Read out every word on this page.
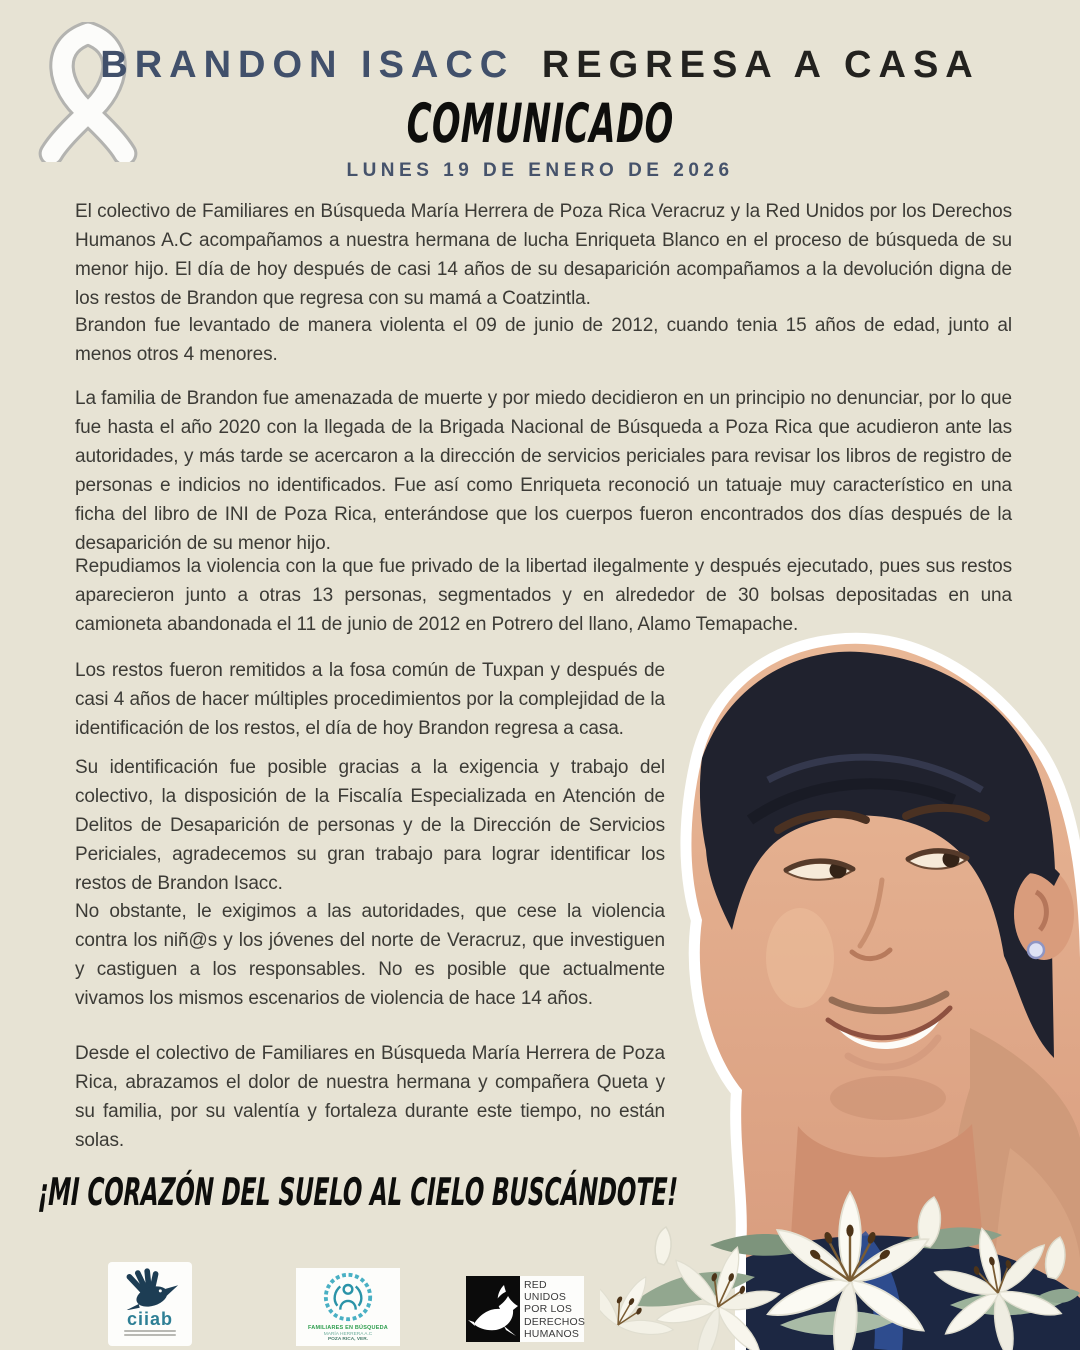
BRANDON ISACC REGRESA A CASA
COMUNICADO
LUNES 19 DE ENERO DE 2026

El colectivo de Familiares en Búsqueda María Herrera de Poza Rica Veracruz y la Red Unidos por los Derechos Humanos A.C acompañamos a nuestra hermana de lucha Enriqueta Blanco en el proceso de búsqueda de su menor hijo. El día de hoy después de casi 14 años de su desaparición acompañamos a la devolución digna de los restos de Brandon que regresa con su mamá a Coatzintla.

Brandon fue levantado de manera violenta el 09 de junio de 2012, cuando tenia 15 años de edad, junto al menos otros 4 menores.

La familia de Brandon fue amenazada de muerte y por miedo decidieron en un principio no denunciar, por lo que fue hasta el año 2020 con la llegada de la Brigada Nacional de Búsqueda a Poza Rica que acudieron ante las autoridades, y más tarde se acercaron a la dirección de servicios periciales para revisar los libros de registro de personas e indicios no identificados. Fue así como Enriqueta reconoció un tatuaje muy característico en una ficha del libro de INI de Poza Rica, enterándose que los cuerpos fueron encontrados dos días después de la desaparición de su menor hijo.

Repudiamos la violencia con la que fue privado de la libertad ilegalmente y después ejecutado, pues sus restos aparecieron junto a otras 13 personas, segmentados y en alrededor de 30 bolsas depositadas en una camioneta abandonada el 11 de junio de 2012 en Potrero del llano, Alamo Temapache.

Los restos fueron remitidos a la fosa común de Tuxpan y después de casi 4 años de hacer múltiples procedimientos por la complejidad de la identificación de los restos, el día de hoy Brandon regresa a casa.

Su identificación fue posible gracias a la exigencia y trabajo del colectivo, la disposición de la Fiscalía Especializada en Atención de Delitos de Desaparición de personas y de la Dirección de Servicios Periciales, agradecemos su gran trabajo para lograr identificar los restos de Brandon Isacc.

No obstante, le exigimos a las autoridades, que cese la violencia contra los niñ@s y los jóvenes del norte de Veracruz, que investiguen y castiguen a los responsables. No es posible que actualmente vivamos los mismos escenarios de violencia de hace 14 años.

Desde el colectivo de Familiares en Búsqueda María Herrera de Poza Rica, abrazamos el dolor de nuestra hermana y compañera Queta y su familia, por su valentía y fortaleza durante este tiempo, no están solas.

¡MI CORAZÓN DEL SUELO AL CIELO BUSCÁNDOTE!
ciiab	FAMILIARES EN BÚSQUEDA
MARÍA HERRERA A.C
POZA RICA, VER.
RED
UNIDOS
POR LOS
DERECHOS
HUMANOS
